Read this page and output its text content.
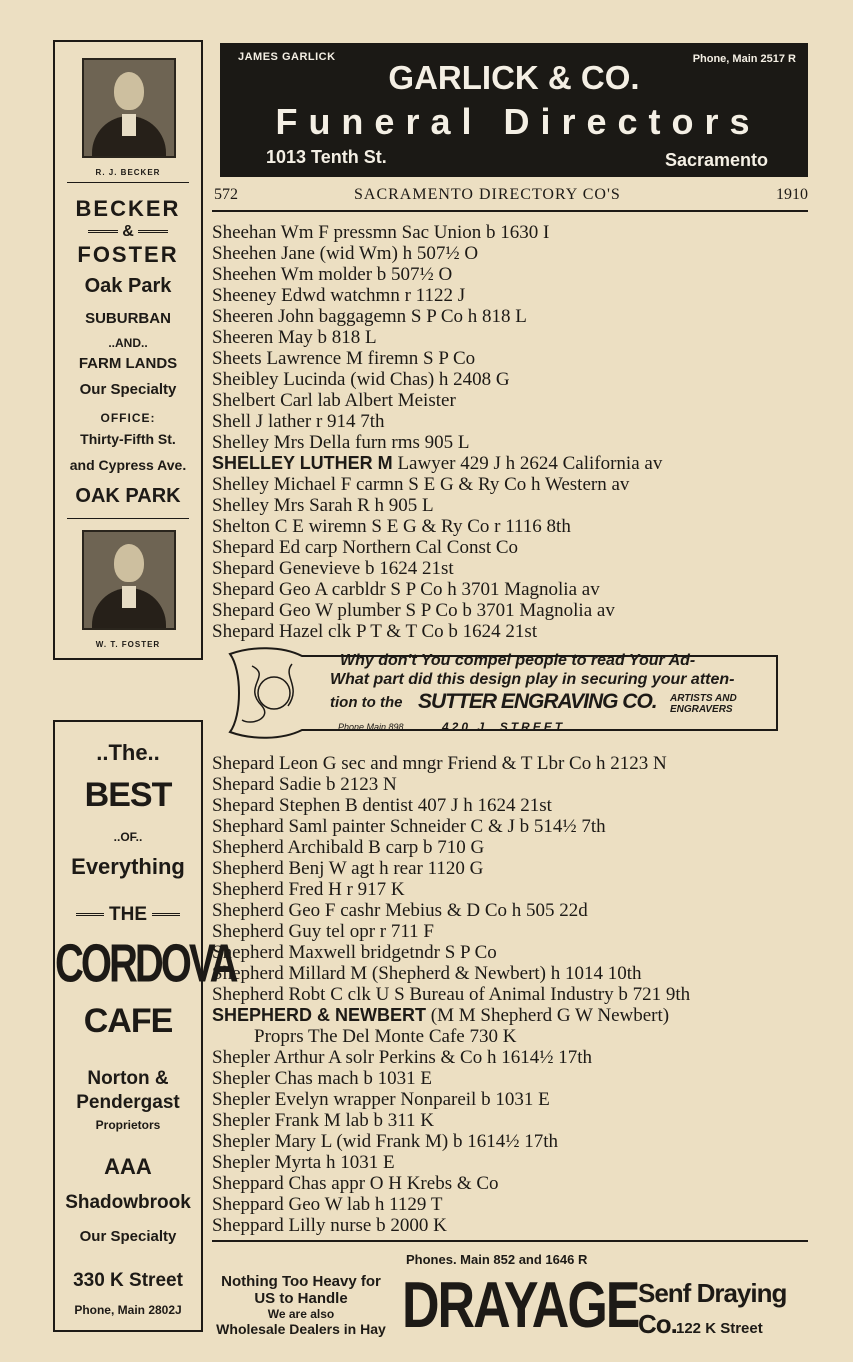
R. J. BECKER
BECKER
&
FOSTER
Oak Park
SUBURBAN
..AND..
FARM LANDS
Our Specialty
OFFICE:
Thirty-Fifth St.
and Cypress Ave.
OAK PARK
W. T. FOSTER
..The..
BEST
..OF..
Everything
THE
CORDOVA
CAFE
Norton &
Pendergast
Proprietors
AAA
Shadowbrook
Our Specialty
330 K Street
Phone, Main 2802J
JAMES GARLICK	Phone, Main 2517 R
GARLICK & CO.
Funeral Directors
1013 Tenth St.	Sacramento
572	SACRAMENTO DIRECTORY CO'S	1910
Sheehan Wm F pressmn Sac Union b 1630 I
Sheehen Jane (wid Wm) h 507½ O
Sheehen Wm molder b 507½ O
Sheeney Edwd watchmn r 1122 J
Sheeren John baggagemn S P Co h 818 L
Sheeren May b 818 L
Sheets Lawrence M firemn S P Co
Sheibley Lucinda (wid Chas) h 2408 G
Shelbert Carl lab Albert Meister
Shell J lather r 914 7th
Shelley Mrs Della furn rms 905 L
SHELLEY LUTHER M Lawyer 429 J h 2624 California av
Shelley Michael F carmn S E G & Ry Co h Western av
Shelley Mrs Sarah R h 905 L
Shelton C E wiremn S E G & Ry Co r 1116 8th
Shepard Ed carp Northern Cal Const Co
Shepard Genevieve b 1624 21st
Shepard Geo A carbldr S P Co h 3701 Magnolia av
Shepard Geo W plumber S P Co b 3701 Magnolia av
Shepard Hazel clk P T & T Co b 1624 21st
Why don't You compel people to read Your Ad-
What part did this design play in securing your atten-
tion to the SUTTER ENGRAVING CO. ARTISTS AND ENGRAVERS
Phone Main 898	420 J. STREET.
Shepard Leon G sec and mngr Friend & T Lbr Co h 2123 N
Shepard Sadie b 2123 N
Shepard Stephen B dentist 407 J h 1624 21st
Shephard Saml painter Schneider C & J b 514½ 7th
Shepherd Archibald B carp b 710 G
Shepherd Benj W agt h rear 1120 G
Shepherd Fred H r 917 K
Shepherd Geo F cashr Mebius & D Co h 505 22d
Shepherd Guy tel opr r 711 F
Shepherd Maxwell bridgetndr S P Co
Shepherd Millard M (Shepherd & Newbert) h 1014 10th
Shepherd Robt C clk U S Bureau of Animal Industry b 721 9th
SHEPHERD & NEWBERT (M M Shepherd G W Newbert)
Proprs The Del Monte Cafe 730 K
Shepler Arthur A solr Perkins & Co h 1614½ 17th
Shepler Chas mach b 1031 E
Shepler Evelyn wrapper Nonpareil b 1031 E
Shepler Frank M lab b 311 K
Shepler Mary L (wid Frank M) b 1614½ 17th
Shepler Myrta h 1031 E
Sheppard Chas appr O H Krebs & Co
Sheppard Geo W lab h 1129 T
Sheppard Lilly nurse b 2000 K
Phones. Main 852 and 1646 R
Nothing Too Heavy for
US to Handle
We are also
Wholesale Dealers in Hay DRAYAGE Senf Draying Co. 122 K Street
